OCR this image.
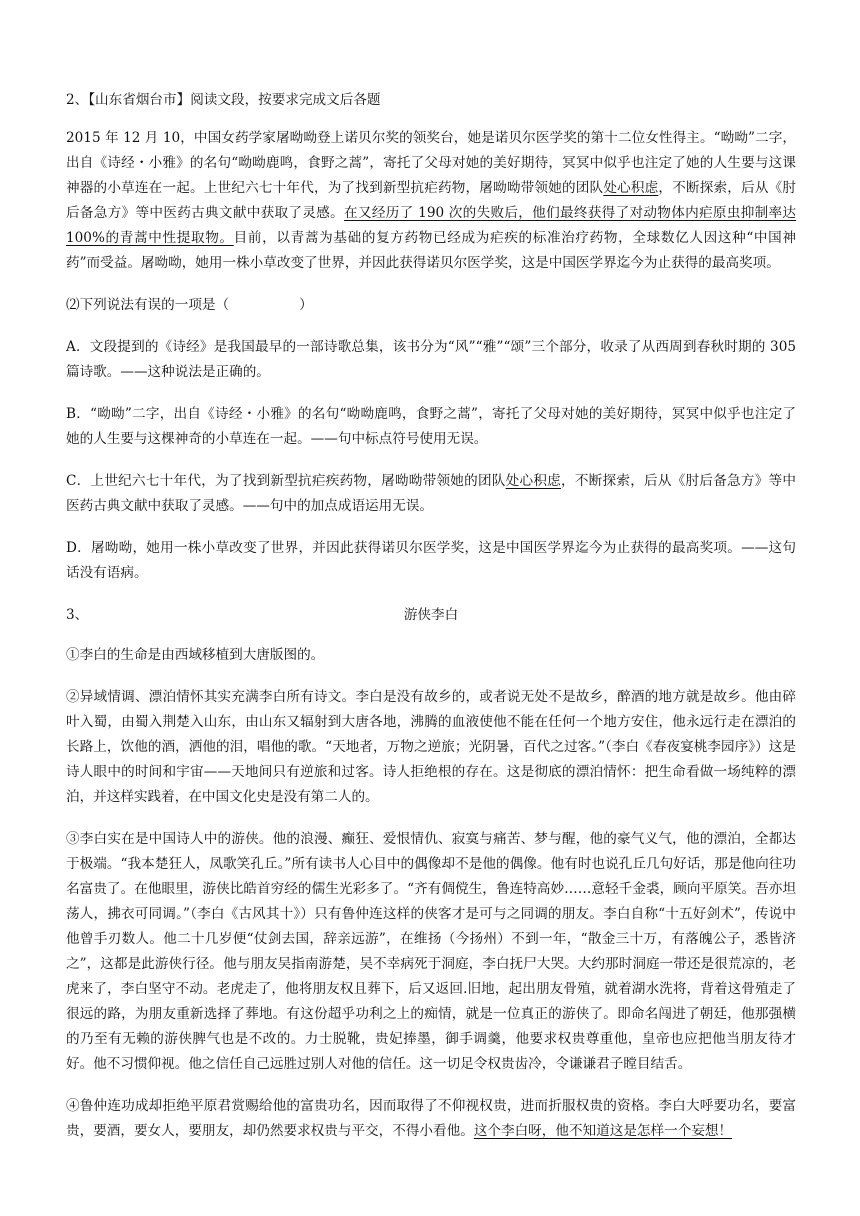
2、【山东省烟台市】阅读文段，按要求完成文后各题

2015 年 12 月 10，中国女药学家屠呦呦登上诺贝尔奖的领奖台，她是诺贝尔医学奖的第十二位女性得主。“呦呦”二字，出自《诗经・小雅》的名句“呦呦鹿鸣，食野之蒿”，寄托了父母对她的美好期待，冥冥中似乎也注定了她的人生要与这课神器的小草连在一起。上世纪六七十年代，为了找到新型抗疟药物，屠呦呦带领她的团队处心积虑，不断探索，后从《肘后备急方》等中医药古典文献中获取了灵感。在又经历了 190 次的失败后，他们最终获得了对动物体内疟原虫抑制率达 100%的青蒿中性提取物。目前，以青蒿为基础的复方药物已经成为疟疾的标准治疗药物，全球数亿人因这种“中国神药”而受益。屠呦呦，她用一株小草改变了世界，并因此获得诺贝尔医学奖，这是中国医学界迄今为止获得的最高奖项。

⑵下列说法有误的一项是（	）

A．文段提到的《诗经》是我国最早的一部诗歌总集，该书分为“风”“雅”“颂”三个部分，收录了从西周到春秋时期的 305 篇诗歌。——这种说法是正确的。

B．“呦呦”二字，出自《诗经・小雅》的名句“呦呦鹿鸣，食野之蒿”，寄托了父母对她的美好期待，冥冥中似乎也注定了她的人生要与这棵神奇的小草连在一起。——句中标点符号使用无误。

C．上世纪六七十年代，为了找到新型抗疟疾药物，屠呦呦带领她的团队处心积虑，不断探索，后从《肘后备急方》等中医药古典文献中获取了灵感。——句中的加点成语运用无误。

D．屠呦呦，她用一株小草改变了世界，并因此获得诺贝尔医学奖，这是中国医学界迄今为止获得的最高奖项。——这句话没有语病。

3、	游侠李白

①李白的生命是由西域移植到大唐版图的。

②异域情调、漂泊情怀其实充满李白所有诗文。李白是没有故乡的，或者说无处不是故乡，醉酒的地方就是故乡。他由碎叶入蜀，由蜀入荆楚入山东，由山东又辐射到大唐各地，沸腾的血液使他不能在任何一个地方安住，他永远行走在漂泊的长路上，饮他的酒，洒他的泪，唱他的歌。“天地者，万物之逆旅；光阴暑，百代之过客。”（李白《春夜宴桃李园序》）这是诗人眼中的时间和宇宙——天地间只有逆旅和过客。诗人拒绝根的存在。这是彻底的漂泊情怀：把生命看做一场纯粹的漂泊，并这样实践着，在中国文化史是没有第二人的。

③李白实在是中国诗人中的游侠。他的浪漫、癫狂、爱恨情仇、寂寞与痛苦、梦与醒，他的豪气义气，他的漂泊，全都达于极端。“我本楚狂人，凤歌笑孔丘。”所有读书人心目中的偶像却不是他的偶像。他有时也说孔丘几句好话，那是他向往功名富贵了。在他眼里，游侠比皓首穷经的儒生光彩多了。“齐有倜傥生，鲁连特高妙……意轻千金裘，顾向平原笑。吾亦坦荡人，拂衣可同调。”（李白《古风其十》）只有鲁仲连这样的侠客才是可与之同调的朋友。李白自称“十五好剑术”，传说中他曾手刃数人。他二十几岁便“仗剑去国，辞亲远游”，在维扬（今扬州）不到一年，“散金三十万，有落魄公子，悉皆济之”，这都是此游侠行径。他与朋友吴指南游楚，吴不幸病死于洞庭，李白抚尸大哭。大约那时洞庭一带还是很荒凉的，老虎来了，李白坚守不动。老虎走了，他将朋友权且葬下，后又返回.旧地，起出朋友骨殖，就着湖水洗将，背着这骨殖走了很远的路，为朋友重新选择了葬地。有这份超乎功利之上的痴情，就是一位真正的游侠了。即命名闯进了朝廷，他那强横的乃至有无赖的游侠脾气也是不改的。力士脱靴，贵妃捧墨，御手调羹，他要求权贵尊重他，皇帝也应把他当朋友待才好。他不习惯仰视。他之信任自己远胜过别人对他的信任。这一切足令权贵齿冷，令谦谦君子瞠目结舌。

④鲁仲连功成却拒绝平原君赏赐给他的富贵功名，因而取得了不仰视权贵，进而折服权贵的资格。李白大呼要功名，要富贵，要酒，要女人，要朋友，却仍然要求权贵与平交，不得小看他。这个李白呀，他不知道这是怎样一个妄想！
